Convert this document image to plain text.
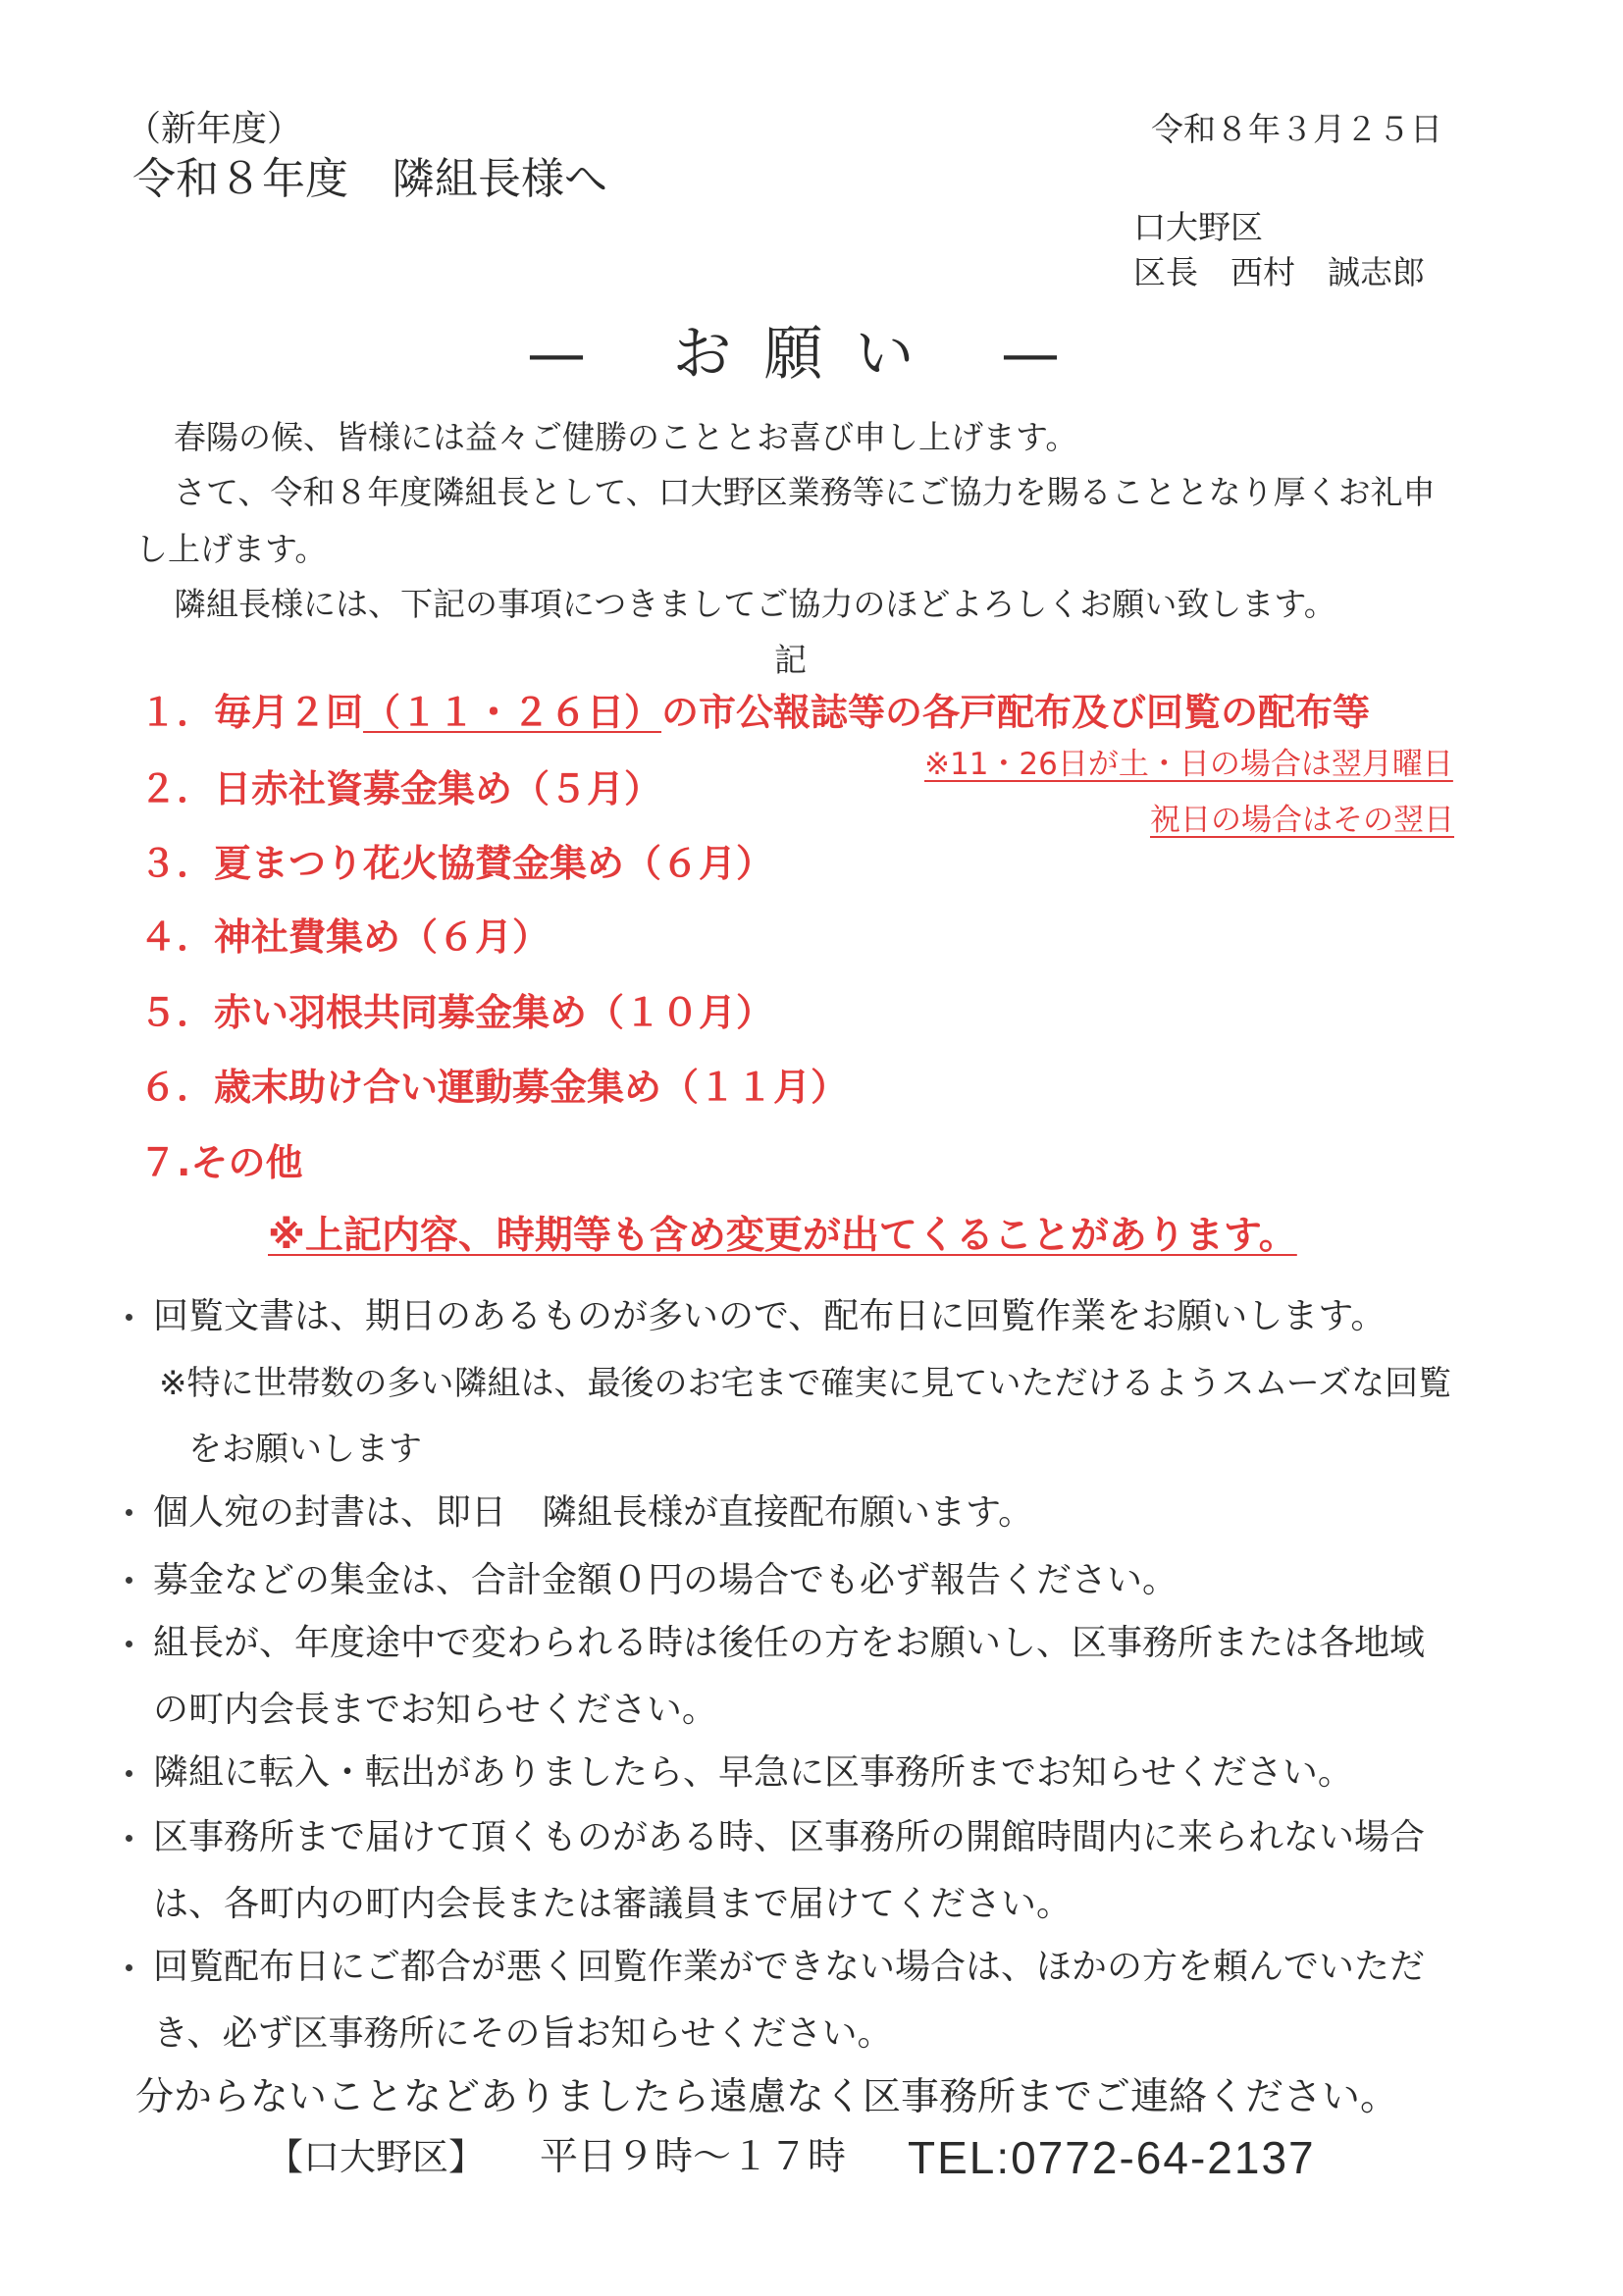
（新年度）
令和８年度　隣組長様へ
令和８年３月２５日
口大野区
区長　西村　誠志郎
— お願い —
春陽の候、皆様には益々ご健勝のこととお喜び申し上げます。
さて、令和８年度隣組長として、口大野区業務等にご協力を賜ることとなり厚くお礼申
し上げます。
隣組長様には、下記の事項につきましてご協力のほどよろしくお願い致します。
記
１．毎月２回（１１・２６日）の市公報誌等の各戸配布及び回覧の配布等
２．日赤社資募金集め（５月）
３．夏まつり花火協賛金集め（６月）
４．神社費集め（６月）
５．赤い羽根共同募金集め（１０月）
６．歳末助け合い運動募金集め（１１月）
７.その他
※11・26日が土・日の場合は翌月曜日
祝日の場合はその翌日
※上記内容、時期等も含め変更が出てくることがあります。
回覧文書は、期日のあるものが多いので、配布日に回覧作業をお願いします。
※特に世帯数の多い隣組は、最後のお宅まで確実に見ていただけるようスムーズな回覧
をお願いします
個人宛の封書は、即日　隣組長様が直接配布願います。
募金などの集金は、合計金額０円の場合でも必ず報告ください。
組長が、年度途中で変わられる時は後任の方をお願いし、区事務所または各地域
の町内会長までお知らせください。
隣組に転入・転出がありましたら、早急に区事務所までお知らせください。
区事務所まで届けて頂くものがある時、区事務所の開館時間内に来られない場合
は、各町内の町内会長または審議員まで届けてください。
回覧配布日にご都合が悪く回覧作業ができない場合は、ほかの方を頼んでいただ
き、必ず区事務所にその旨お知らせください。
分からないことなどありましたら遠慮なく区事務所までご連絡ください。
【口大野区】 平日９時～１７時 TEL:0772-64-2137
